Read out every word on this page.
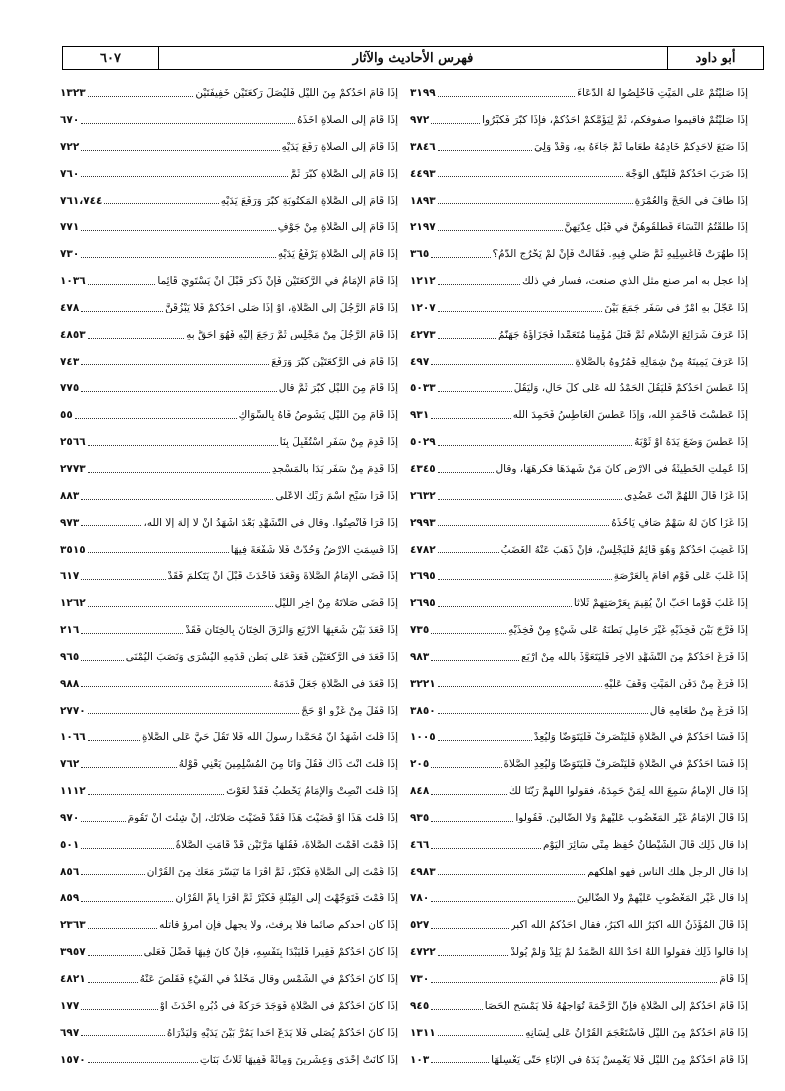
٦٠٧	فهرس الأحاديث والآثار	أبو داود
إذَا صَلَّيْتُمْ عَلَى المَيِّتِ فَأَخْلِصُوا لَهُ الدُّعَاءَ
٣١٩٩
إذَا صَلَّيْتُمْ فأقيموا صفوفكم، ثُمَّ لِيَؤُمَّكُمْ أحَدُكُمْ، فإذَا كَبَّرَ فَكَبِّرُوا
٩٧٢
إذَا صَنَعَ لأحَدِكُمْ خَادِمُهُ طَعَاماً ثُمَّ جَاءَهُ بِهِ، وَقَدْ وَلِيَ
٣٨٤٦
إذَا ضَرَبَ أحَدُكُمْ فَلْيَتَّقِ الوَجْهَ
٤٤٩٣
إذَا طَافَ في الحَجِّ وَالعُمْرَةِ
١٨٩٣
إذَا طَلَّقْتُمُ النِّسَاءَ فَطَلِّقُوهُنَّ في قُبُلِ عِدَّتِهِنَّ
٢١٩٧
إذَا طَهُرَتْ فَاغْسِلِيهِ ثُمَّ صَلِّي فِيهِ. فَقَالَتْ فَإِنْ لَمْ يَخْرُجِ الدَّمُ؟
٣٦٥
إذا عجل به أمر صنع مثل الذي صنعت، فسار في ذلك
١٢١٢
إذَا عَجَّلَ بِهِ أَمْرٌ في سَفَرٍ جَمَعَ بَيْنَ
١٢٠٧
إذَا عَرَفَ شَرَائِعَ الإسْلامِ ثُمَّ قَتَلَ مُؤْمِناً مُتَعَمِّداً فَجَزَاؤُهُ جَهَنَّمُ
٤٢٧٣
إذَا عَرَفَ يَمِينَهُ مِنْ شِمَالِهِ فَمُرُوهُ بِالصَّلاةِ
٤٩٧
إذَا عَطَسَ أحَدُكُمْ فَلْيَقُلْ الحَمْدُ لله عَلَى كُلِّ حَالٍ، وَلْيَقُلْ
٥٠٣٣
إذَا عَطَسْتَ فَاحْمَدِ الله، وَإذَا عَطَسَ العَاطِسُ فَحَمِدَ الله
٩٣١
إذَا عَطَسَ وَضَعَ يَدَهُ أوْ ثَوْبَهُ
٥٠٢٩
إذَا عُمِلَتِ الخَطِيئَةُ في الأرْضِ كَانَ مَنْ شَهِدَهَا فكرهَهَا، وقال
٤٣٤٥
إذَا غَزَا قَالَ اللهُمَّ أنْتَ عَضُدِي
٢٦٣٢
إذَا غَزَا كَانَ لَهُ سَهْمٌ صَافٍ يَأْخُذُهُ
٢٩٩٣
إذَا غَضِبَ أحَدُكُمْ وَهُوَ قَائِمٌ فَلْيَجْلِسْ، فإنْ ذَهَبَ عَنْهُ الغَضَبُ
٤٧٨٢
إذَا غَلَبَ عَلَى قَوْمٍ أقامَ بِالعَرْصَةِ
٢٦٩٥
إذَا غَلَبَ قَوْماً أحَبَّ أنْ يُقِيمَ بِعَرْصَتِهِمْ ثَلاثاً
٢٦٩٥
إذَا فَرَّجَ بَيْنَ فَخِذَيْهِ غَيْرَ حَامِلٍ بَطْنَهُ عَلَى شَيْءٍ مِنْ فَخِذَيْهِ
٧٣٥
إذَا فَرَغَ أحَدُكُمْ مِنَ التَّشَهُّدِ الآخِرِ فَلْيَتَعَوَّذْ بالله مِنْ أرْبَعٍ
٩٨٣
إذَا فَرَغَ مِنْ دَفْنِ المَيِّتِ وَقَفَ عَلَيْهِ
٣٢٢١
إذَا فَرَغَ مِنْ طَعَامِهِ قال
٣٨٥٠
إذَا فَسَا أحَدُكُمْ في الصَّلاةِ فَلْيَنْصَرِفْ فَلْيَتَوَضَّأْ وَلْيُعِدْ
١٠٠٥
إذَا فَسَا أحَدُكُمْ في الصَّلاةِ فَلْيَنْصَرِفْ فَلْيَتَوَضَّأْ وَلْيُعِدِ الصَّلاةَ
٢٠٥
إذَا قال الإمامُ سَمِعَ الله لِمَنْ حَمِدَهُ، فقولوا اللهمَّ رَبَّنَا لَكَ
٨٤٨
إذَا قَالَ الإمَامُ غَيْرِ المَغْضُوبِ عَلَيْهِمْ وَلا الضَّالِّينَ. فَقُولُوا
٩٣٥
إذا قال ذَلِكَ قَالَ الشَّيْطَانُ حُفِظَ مِنِّي سَائِرَ اليَوْمِ
٤٦٦
إذا قال الرجل هلك الناس فهو أهلكهم
٤٩٨٣
إذا قال غَيْرِ المَغْضُوبِ عَلَيْهِمْ ولا الضَّالِّينَ
٧٨٠
إذَا قَالَ المُؤَذِّنُ الله أكْبَرُ الله أكْبَرُ، فقال أحَدُكُمُ الله أكبر
٥٢٧
إذا قالوا ذَلِكَ فقولوا اللهُ أحَدٌ اللهُ الصَّمَدُ لَمْ يَلِدْ وَلَمْ يُولَدْ
٤٧٢٢
إذَا قَامَ
٧٣٠
إذَا قَامَ أحَدُكُمْ إلى الصَّلاةِ فإنَّ الرَّحْمَةَ تُوَاجِهُهُ فَلا يَمْسَحِ الحَصَا
٩٤٥
إذَا قَامَ أحَدُكُمْ مِنَ اللَّيْلِ فَاسْتَعْجَمَ القُرْآنُ عَلَى لِسَانِهِ
١٣١١
إذَا قَامَ أحَدُكُمْ مِنَ اللَّيْلِ فَلا يَغْمِسْ يَدَهُ في الإنَاءِ حَتَّى يَغْسِلَهَا
١٠٣
إذَا قَامَ أحَدُكُمْ مِنَ اللَّيْلِ فَلْيُصَلِّ رَكْعَتَيْنِ خَفِيفَتَيْنِ
١٣٢٣
إذَا قَامَ إلَى الصلاةِ أخَذَهُ
٦٧٠
إذَا قَامَ إلَى الصلاةِ رَفَعَ يَدَيْهِ
٧٢٢
إذَا قَامَ إلَى الصَّلاةِ كَبَّرَ ثُمَّ
٧٦٠
إذَا قَامَ إلَى الصَّلاةِ المَكْتُوبَةِ كَبَّرَ وَرَفَعَ يَدَيْهِ
٧٦١،٧٤٤
إذَا قَامَ إلَى الصَّلاةِ مِنْ جَوْفِ
٧٧١
إذَا قَامَ إلَى الصَّلاةِ يَرْفَعُ يَدَيْهِ
٧٣٠
إذَا قَامَ الإمَامُ في الرَّكْعَتَيْنِ فَإنْ ذَكَرَ قَبْلَ أنْ يَسْتَوِيَ قَائِماً
١٠٣٦
إذَا قَامَ الرَّجُلُ إلَى الصَّلاةِ، أوْ إذَا صَلَّى أحَدُكُمْ فَلا يَبْزُقَنَّ
٤٧٨
إذَا قَامَ الرَّجُلُ مِنْ مَجْلِسٍ ثُمَّ رَجَعَ إلَيْهِ فَهُوَ أحَقُّ بِهِ
٤٨٥٣
إذَا قَامَ في الرَّكْعَتَيْنِ كَبَّرَ وَرَفَعَ
٧٤٣
إذَا قَامَ مِنَ اللَّيْلِ كَبَّرَ ثُمَّ قال
٧٧٥
إذَا قَامَ مِنَ اللَّيْلِ يَشُوصُ فَاهُ بِالسِّوَاكِ
٥٥
إذَا قَدِمَ مِنْ سَفَرٍ اسْتُقْبِلَ بِنَا
٢٥٦٦
إذَا قَدِمَ مِنْ سَفَرٍ بَدَأَ بِالمَسْجِدِ
٢٧٧٣
إذَا قَرَأَ سَبِّحِ اسْمَ رَبِّكَ الأعْلَى
٨٨٣
إذَا قَرَأَ فَأَنْصِتُوا. وقال في التَّشَهُّدِ بَعْدَ أشْهَدُ أنْ لا إلَهَ إلاَّ الله،
٩٧٣
إذَا قُسِمَتِ الأرْضُ وَحُدَّتْ فَلا شُفْعَةَ فِيهَا
٣٥١٥
إذَا قَضَى الإمَامُ الصَّلاةَ وَقَعَدَ فَأَحْدَثَ قَبْلَ أنْ يَتَكَلَّمَ فَقَدْ
٦١٧
إذَا قَضَى صَلاتَهُ مِنْ آخِرِ اللَّيْلِ
١٢٦٢
إذَا قَعَدَ بَيْنَ شُعَبِهَا الأرْبَعِ وَالزَقَ الخِتَانَ بِالخِتَانِ فَقَدْ
٢١٦
إذَا قَعَدَ في الرَّكْعَتَيْنِ قَعَدَ عَلَى بَطْنِ قَدَمِهِ اليُسْرَى وَنَصَبَ اليُمْنَى
٩٦٥
إذَا قَعَدَ في الصَّلاةِ جَعَلَ قَدَمَهُ
٩٨٨
إذَا قَفَلَ مِنْ غَزْوٍ أوْ حَجٍّ
٢٧٧٠
إذَا قُلْتَ أشْهَدُ أنَّ مُحَمَّداً رسولُ الله فَلا تَقُلْ حَيَّ عَلَى الصَّلاةِ
١٠٦٦
إذَا قُلْتَ أنْتَ ذَاكَ فَقُلْ وَأنَا مِنَ المُسْلِمِينَ يَعْنِي قَوْلَهُ
٧٦٢
إذَا قُلْتَ أنْصِتْ وَالإمَامُ يَخْطُبُ فَقَدْ لَغَوْتَ
١١١٢
إذَا قُلْتَ هَذَا أوْ قَضَيْتَ هَذَا فَقَدْ قَضَيْتَ صَلاتَكَ، إنْ شِئْتَ أنْ تَقُومَ
٩٧٠
إذَا قُمْتَ أقَمْتَ الصَّلاةَ، فَقُلْهَا مَرَّتَيْنِ قَدْ قَامَتِ الصَّلاةُ
٥٠١
إذَا قُمْتَ إلَى الصَّلاةِ فَكَبِّرْ، ثُمَّ اقْرَأْ مَا تَيَسَّرَ مَعَكَ مِنَ القُرْآنِ
٨٥٦
إذَا قُمْتَ فَتَوَجَّهْتَ إلَى القِبْلَةِ فَكَبِّرْ ثُمَّ اقْرَأْ بِأُمِّ القُرْآنِ
٨٥٩
إذَا كان احدكم صائماً فلا يرفث، ولا يجهل فإن امرؤ قاتله
٢٣٦٣
إذَا كَانَ أحَدُكُمْ فَقِيراً فَلْيَبْدَأْ بِنَفْسِهِ، فإنْ كَانَ فِيهَا فَضْلٌ فَعَلَى
٣٩٥٧
إذَا كَانَ أحَدُكُمْ في الشَّمْسِ وقال مَخْلَدٌ في الفَيْءِ فَقَلَصَ عَنْهُ
٤٨٢١
إذَا كَانَ أحَدُكُمْ في الصَّلاةِ فَوَجَدَ حَرَكَةً في دُبُرِهِ أحْدَثَ أوْ
١٧٧
إذَا كَانَ أحَدُكُمْ يُصَلِّي فَلا يَدَعْ أحَداً يَمُرُّ بَيْنَ يَدَيْهِ وَلْيَدْرَأْهُ
٦٩٧
إذَا كَانَتْ إحْدَى وَعِشْرِينَ وَمِائَةً فَفِيهَا ثَلاثُ بَنَاتِ
١٥٧٠
